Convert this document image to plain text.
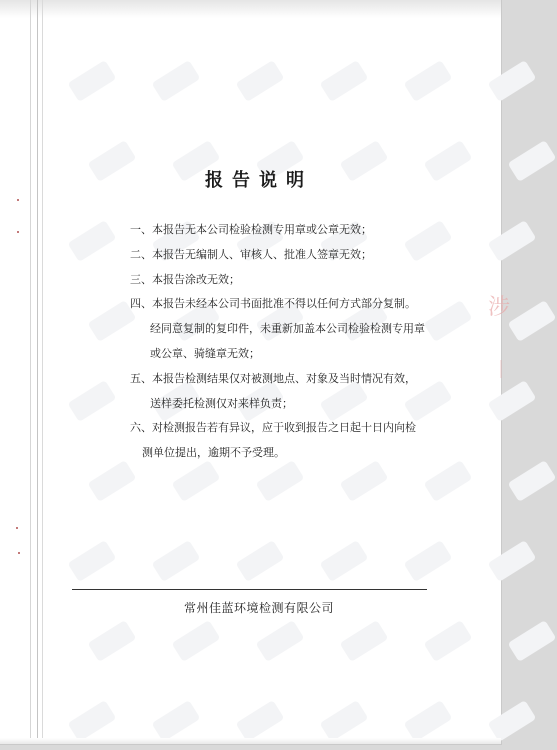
涉
｜
报告说明
一、本报告无本公司检验检测专用章或公章无效；
二、本报告无编制人、审核人、批准人签章无效；
三、本报告涂改无效；
四、本报告未经本公司书面批准不得以任何方式部分复制。
经同意复制的复印件，未重新加盖本公司检验检测专用章
或公章、骑缝章无效；
五、本报告检测结果仅对被测地点、对象及当时情况有效，
送样委托检测仅对来样负责；
六、对检测报告若有异议，应于收到报告之日起十日内向检
测单位提出，逾期不予受理。
常州佳蓝环境检测有限公司
